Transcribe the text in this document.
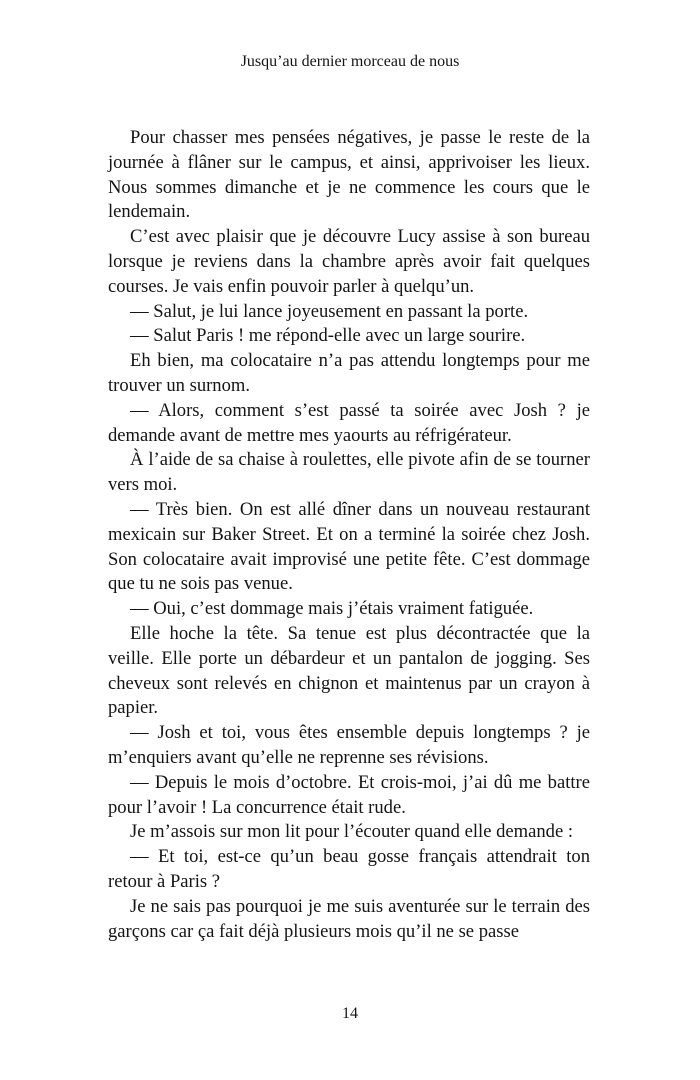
Jusqu’au dernier morceau de nous

Pour chasser mes pensées négatives, je passe le reste de la journée à flâner sur le campus, et ainsi, apprivoiser les lieux. Nous sommes dimanche et je ne commence les cours que le lendemain.

C’est avec plaisir que je découvre Lucy assise à son bureau lorsque je reviens dans la chambre après avoir fait quelques courses. Je vais enfin pouvoir parler à quelqu’un.

— Salut, je lui lance joyeusement en passant la porte.

— Salut Paris ! me répond-elle avec un large sourire.

Eh bien, ma colocataire n’a pas attendu longtemps pour me trouver un surnom.

— Alors, comment s’est passé ta soirée avec Josh ? je demande avant de mettre mes yaourts au réfrigérateur.

À l’aide de sa chaise à roulettes, elle pivote afin de se tourner vers moi.

— Très bien. On est allé dîner dans un nouveau restaurant mexicain sur Baker Street. Et on a terminé la soirée chez Josh. Son colocataire avait improvisé une petite fête. C’est dommage que tu ne sois pas venue.

— Oui, c’est dommage mais j’étais vraiment fatiguée.

Elle hoche la tête. Sa tenue est plus décontractée que la veille. Elle porte un débardeur et un pantalon de jogging. Ses cheveux sont relevés en chignon et maintenus par un crayon à papier.

— Josh et toi, vous êtes ensemble depuis longtemps ? je m’enquiers avant qu’elle ne reprenne ses révisions.

— Depuis le mois d’octobre. Et crois-moi, j’ai dû me battre pour l’avoir ! La concurrence était rude.

Je m’assois sur mon lit pour l’écouter quand elle demande :

— Et toi, est-ce qu’un beau gosse français attendrait ton retour à Paris ?

Je ne sais pas pourquoi je me suis aventurée sur le terrain des garçons car ça fait déjà plusieurs mois qu’il ne se passe

14
